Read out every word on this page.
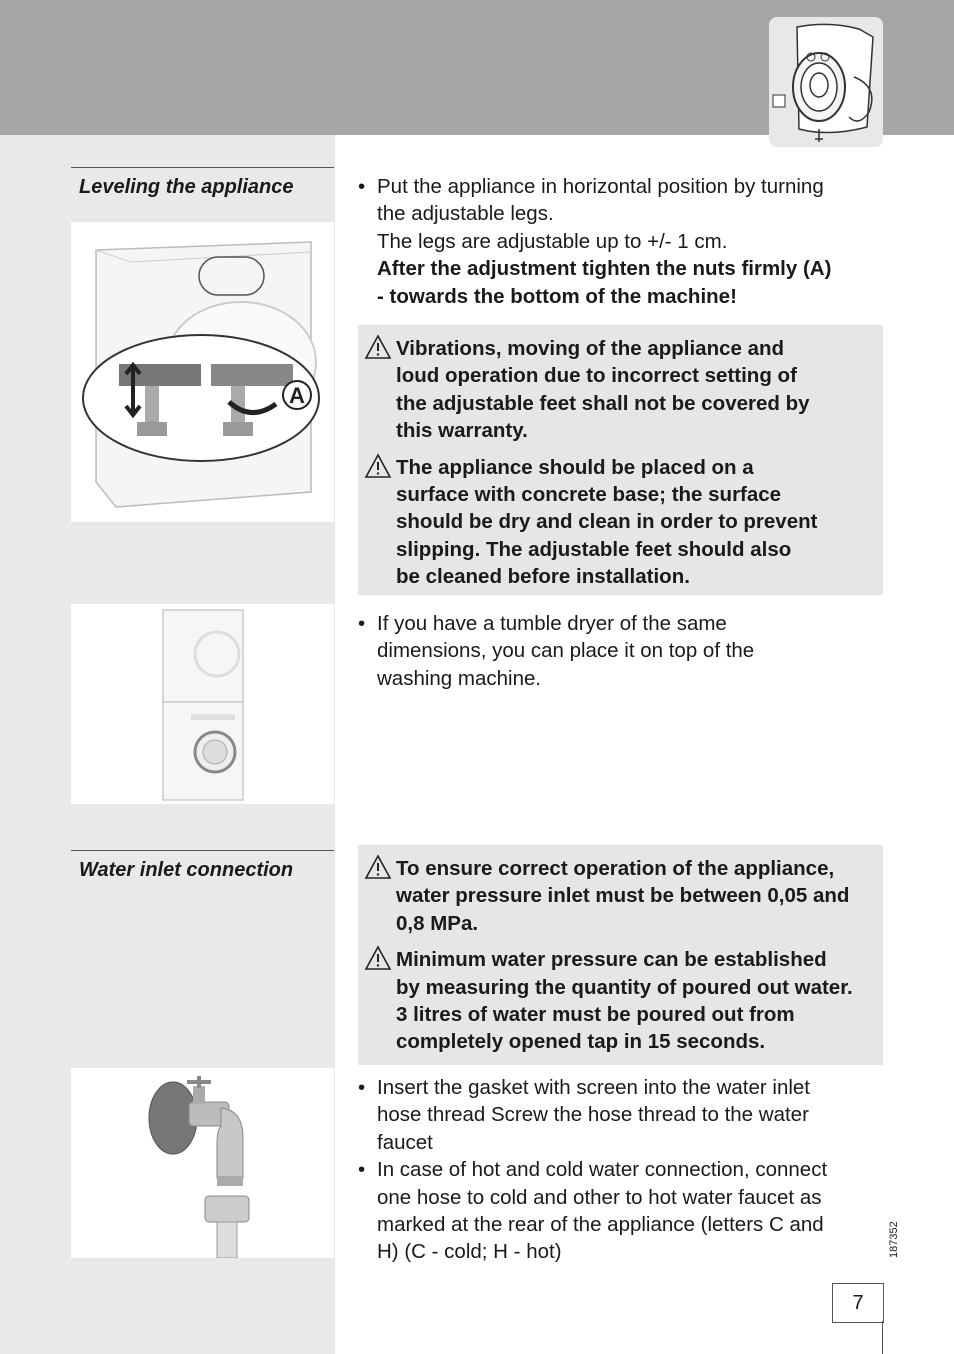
Leveling the appliance
A
• Put the appliance in horizontal position by turning
the adjustable legs.
The legs are adjustable up to +/- 1 cm.
After the adjustment tighten the nuts firmly (A)
- towards the bottom of the machine!
Vibrations, moving of the appliance and
loud operation due to incorrect setting of
the adjustable feet shall not be covered by
this warranty.
The appliance should be placed on a
surface with concrete base; the surface
should be dry and clean in order to prevent
slipping. The adjustable feet should also
be cleaned before installation.
• If you have a tumble dryer of the same
dimensions, you can place it on top of the
washing machine.
Water inlet connection	To ensure correct operation of the appliance,
water pressure inlet must be between 0,05 and
0,8 MPa.
Minimum water pressure can be established
by measuring the quantity of poured out water.
3 litres of water must be poured out from
completely opened tap in 15 seconds.
• Insert the gasket with screen into the water inlet
hose thread Screw the hose thread to the water
faucet
• In case of hot and cold water connection, connect
one hose to cold and other to hot water faucet as
marked at the rear of the appliance (letters C and
H) (C - cold; H - hot)	187352
7
